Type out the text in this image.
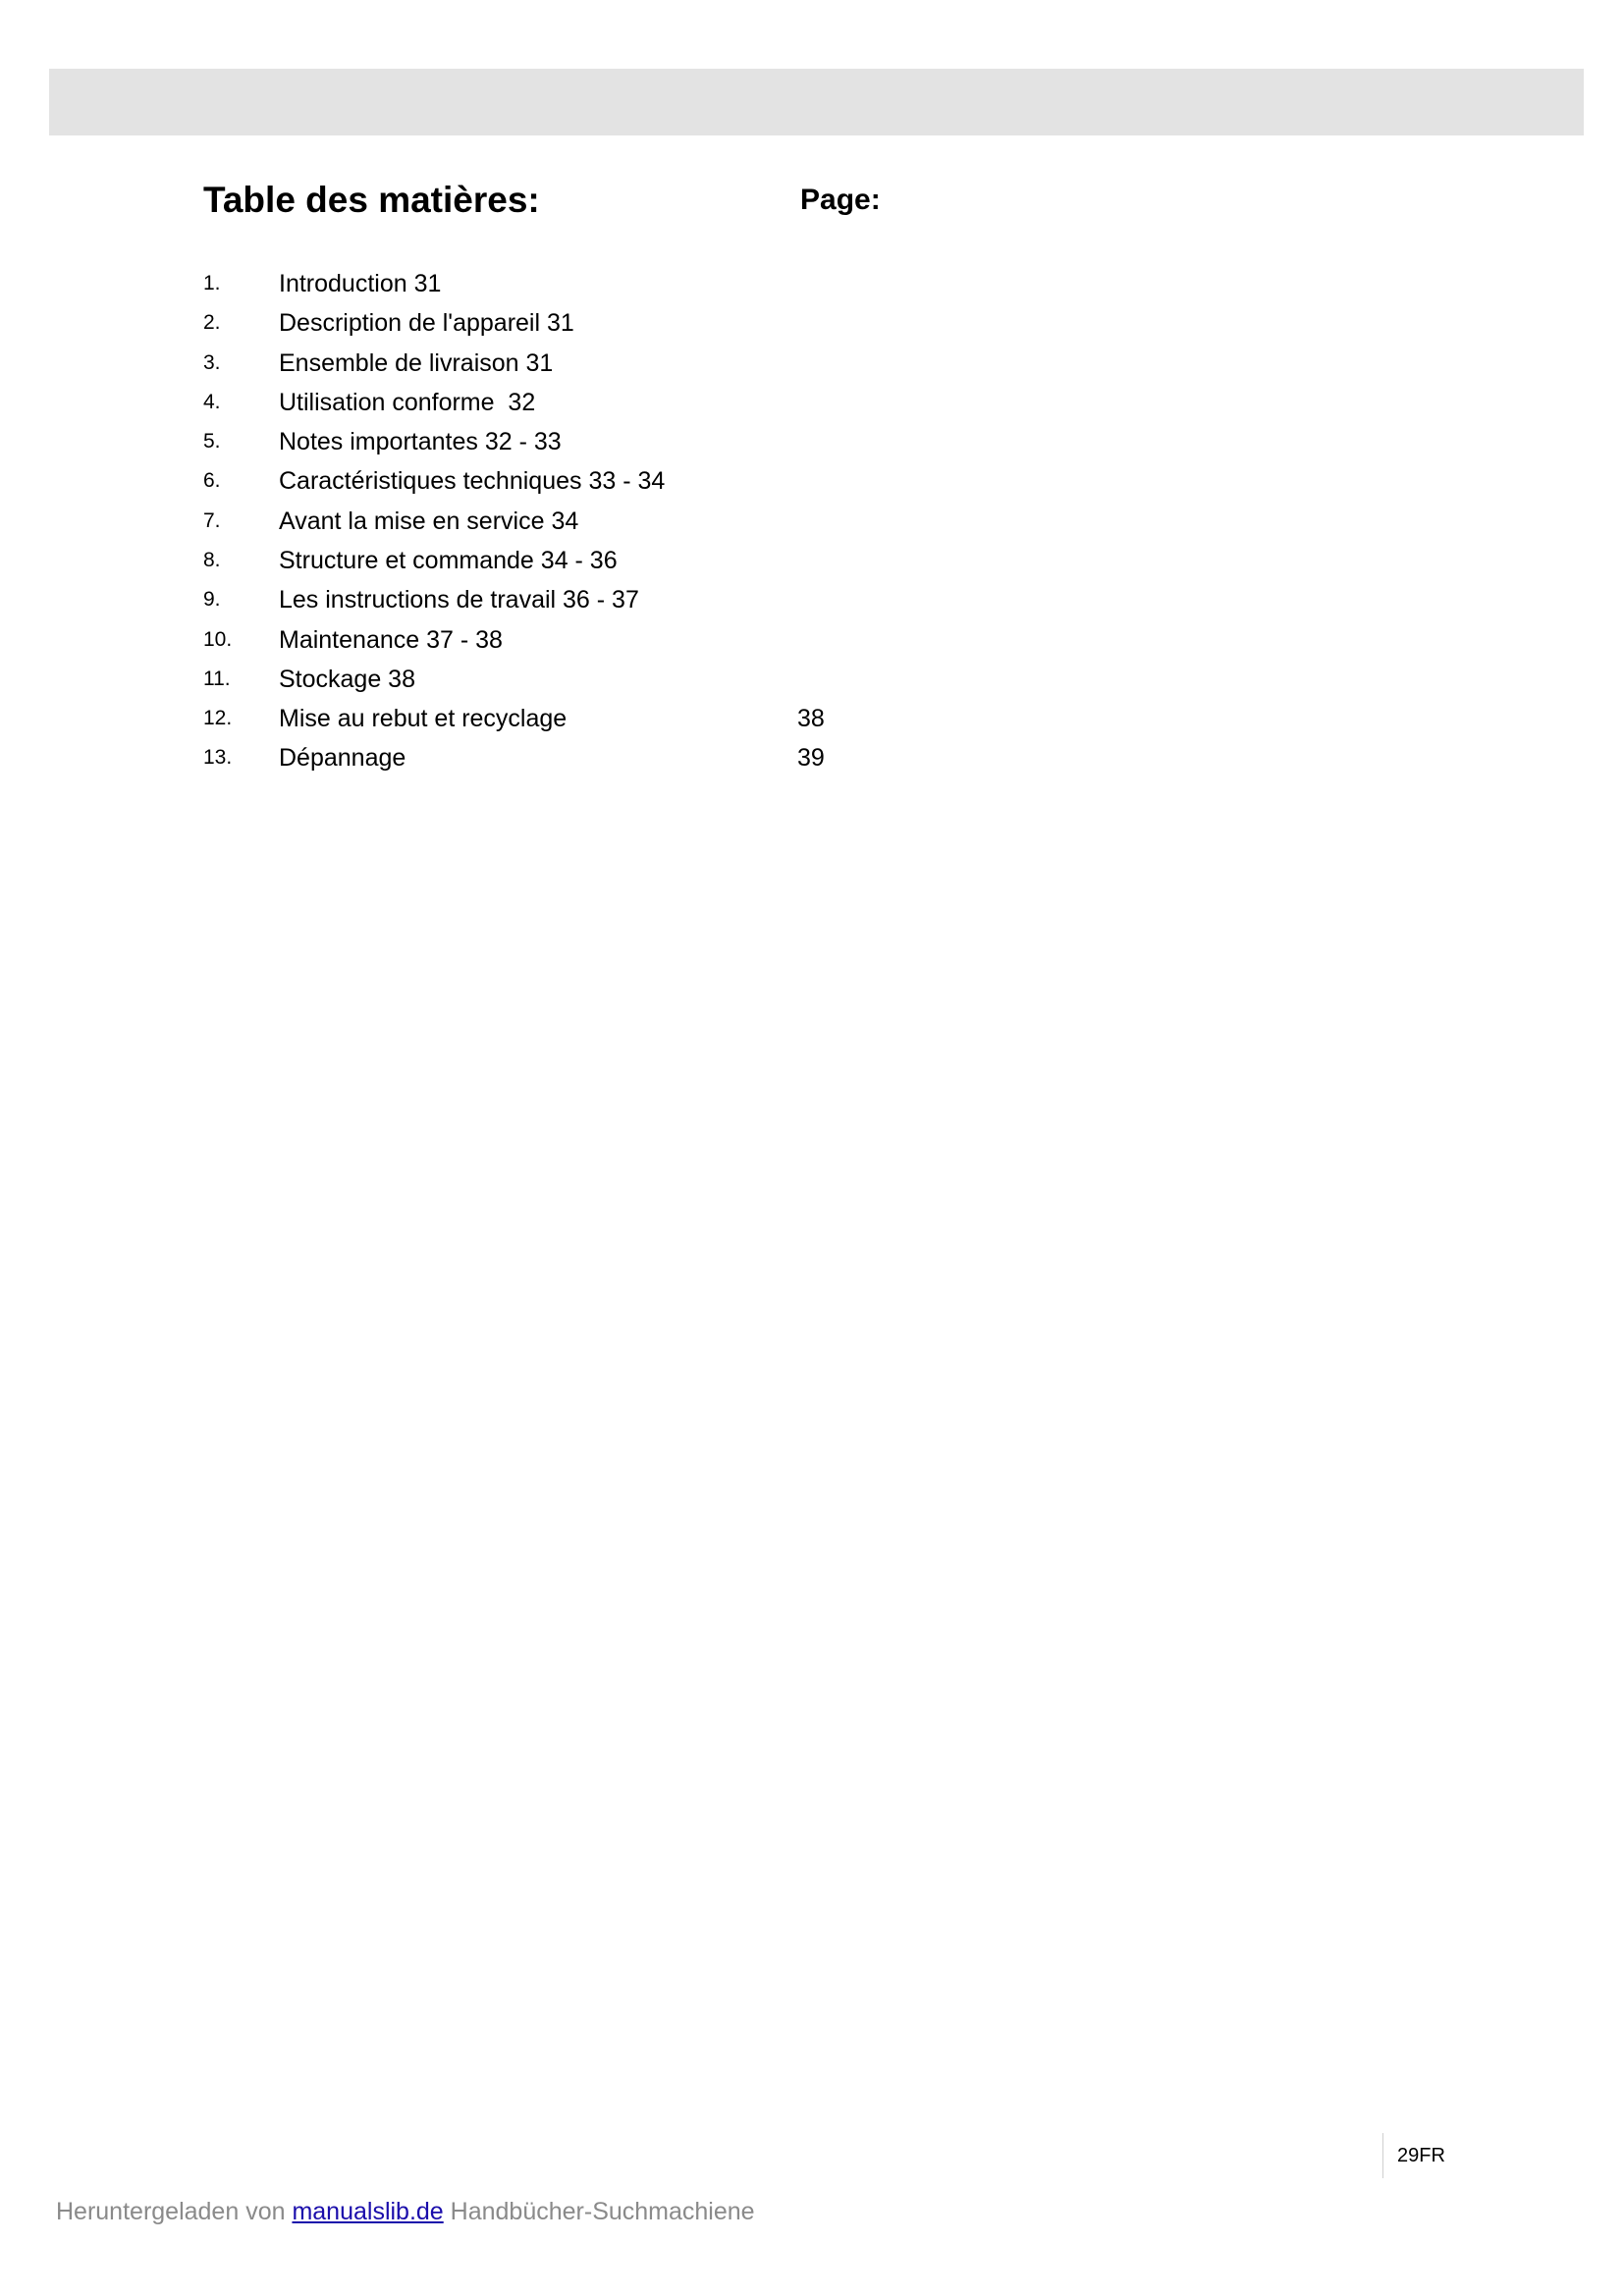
Table des matières:	Page:
1. Introduction 31
2. Description de l'appareil 31
3. Ensemble de livraison 31
4. Utilisation conforme  32
5. Notes importantes 32 - 33
6. Caractéristiques techniques 33 - 34
7. Avant la mise en service 34
8. Structure et commande 34 - 36
9. Les instructions de travail 36 - 37
10. Maintenance 37 - 38
11. Stockage 38
12. Mise au rebut et recyclage	38
13. Dépannage	39
29FR
Heruntergeladen von manualslib.de Handbücher-Suchmachiene
